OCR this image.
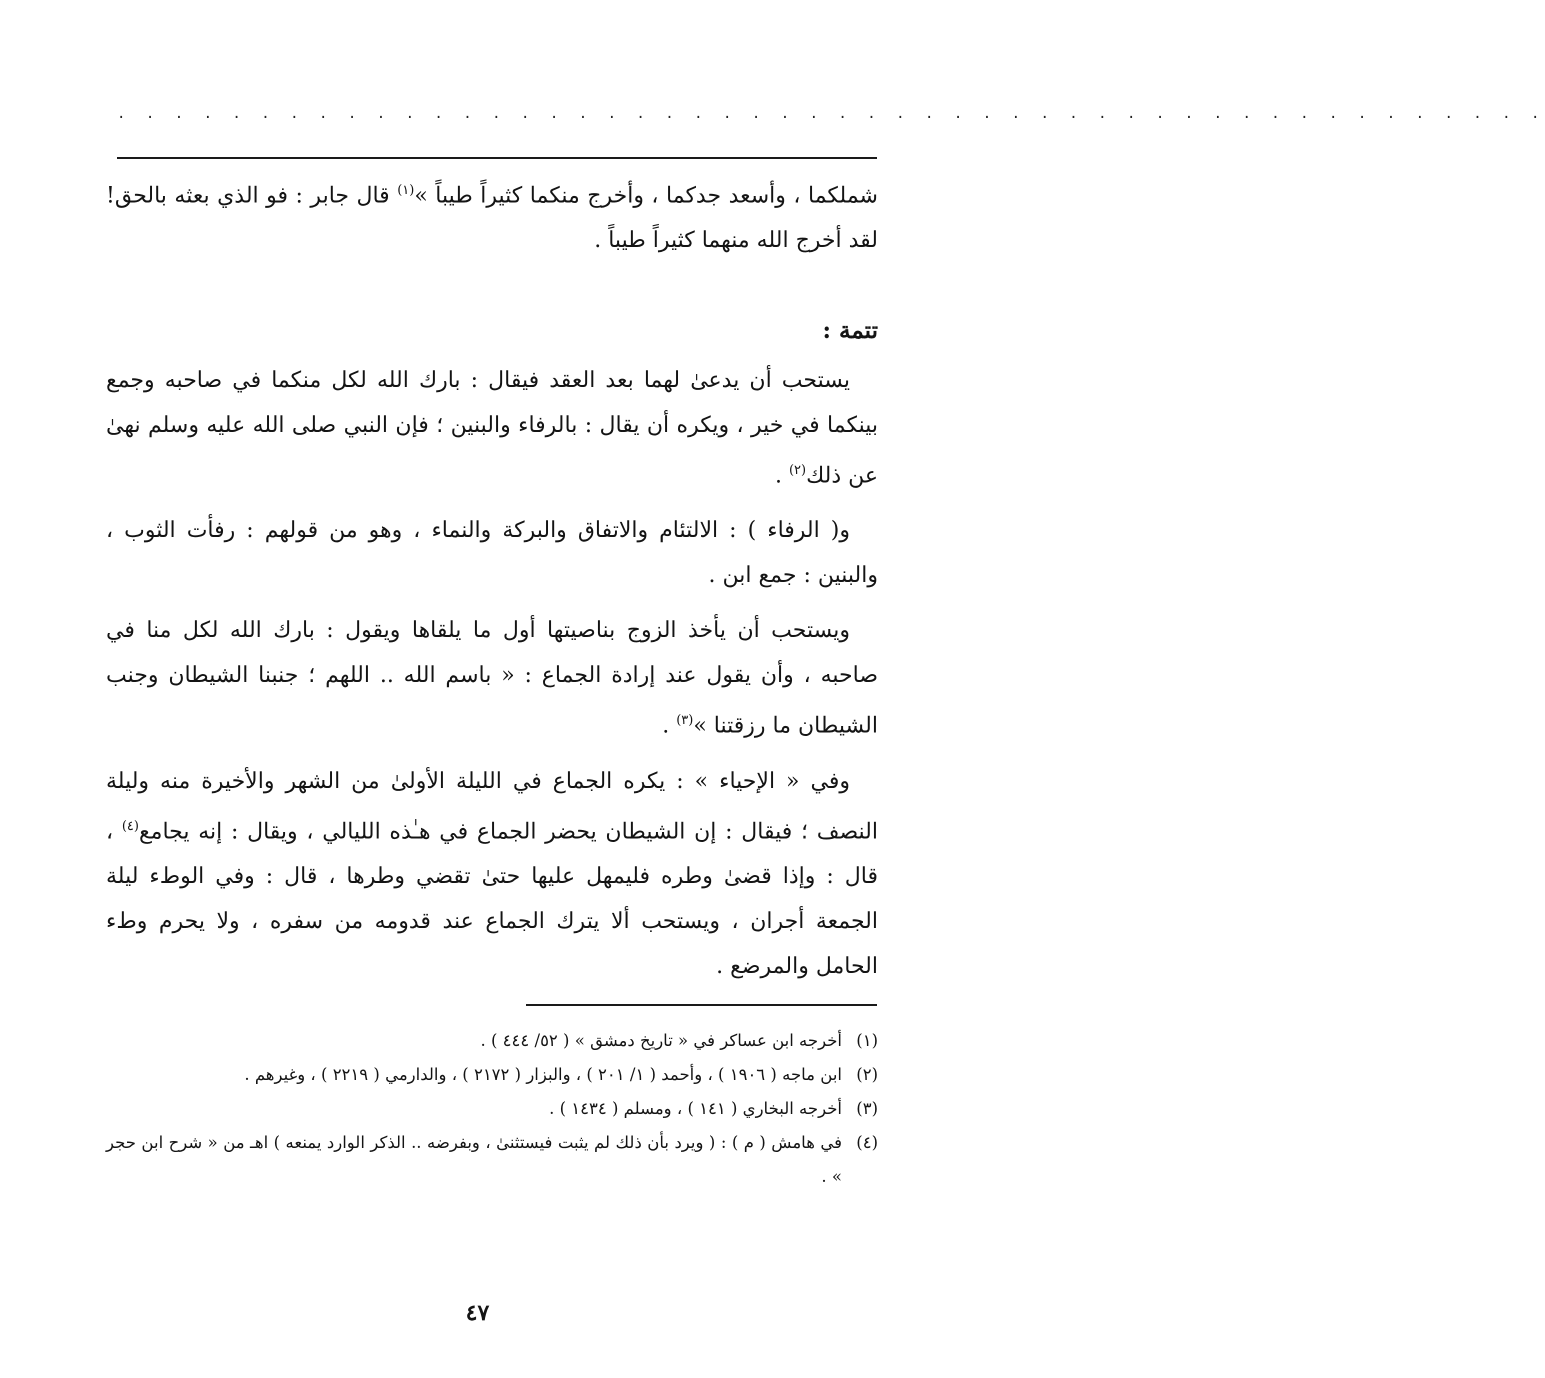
. . . . . . . . . . . . . . . . . . . . . . . . . . . . . . . . . . . . . . . . . . . . . . . . . .

شملكما ، وأسعد جدكما ، وأخرج منكما كثيراً طيباً »$^{(١)}$ قال جابر : فو الذي بعثه بالحق! لقد أخرج الله منهما كثيراً طيباً .

تتمة :

يستحب أن يدعىٰ لهما بعد العقد فيقال : بارك الله لكل منكما في صاحبه وجمع بينكما في خير ، ويكره أن يقال : بالرفاء والبنين ؛ فإن النبي صلى الله عليه وسلم نهىٰ عن ذلك$^{(٢)}$ .

و( الرفاء ) : الالتئام والاتفاق والبركة والنماء ، وهو من قولهم : رفأت الثوب ، والبنين : جمع ابن .

ويستحب أن يأخذ الزوج بناصيتها أول ما يلقاها ويقول : بارك الله لكل منا في صاحبه ، وأن يقول عند إرادة الجماع : « باسم الله .. اللهم ؛ جنبنا الشيطان وجنب الشيطان ما رزقتنا »$^{(٣)}$ .

وفي « الإحياء » : يكره الجماع في الليلة الأولىٰ من الشهر والأخيرة منه وليلة النصف ؛ فيقال : إن الشيطان يحضر الجماع في هـٰذه الليالي ، ويقال : إنه يجامع$^{(٤)}$ ، قال : وإذا قضىٰ وطره فليمهل عليها حتىٰ تقضي وطرها ، قال : وفي الوطء ليلة الجمعة أجران ، ويستحب ألا يترك الجماع عند قدومه من سفره ، ولا يحرم وطء الحامل والمرضع .

(١)
أخرجه ابن عساكر في « تاريخ دمشق » ( ٥٢/ ٤٤٤ ) .
(٢)
ابن ماجه ( ١٩٠٦ ) ، وأحمد ( ١/ ٢٠١ ) ، والبزار ( ٢١٧٢ ) ، والدارمي ( ٢٢١٩ ) ، وغيرهم .
(٣)
أخرجه البخاري ( ١٤١ ) ، ومسلم ( ١٤٣٤ ) .
(٤)
في هامش ( م ) : ( ويرد بأن ذلك لم يثبت فيستثنىٰ ، وبفرضه .. الذكر الوارد يمنعه ) اهـ من « شرح ابن حجر » .
٤٧
